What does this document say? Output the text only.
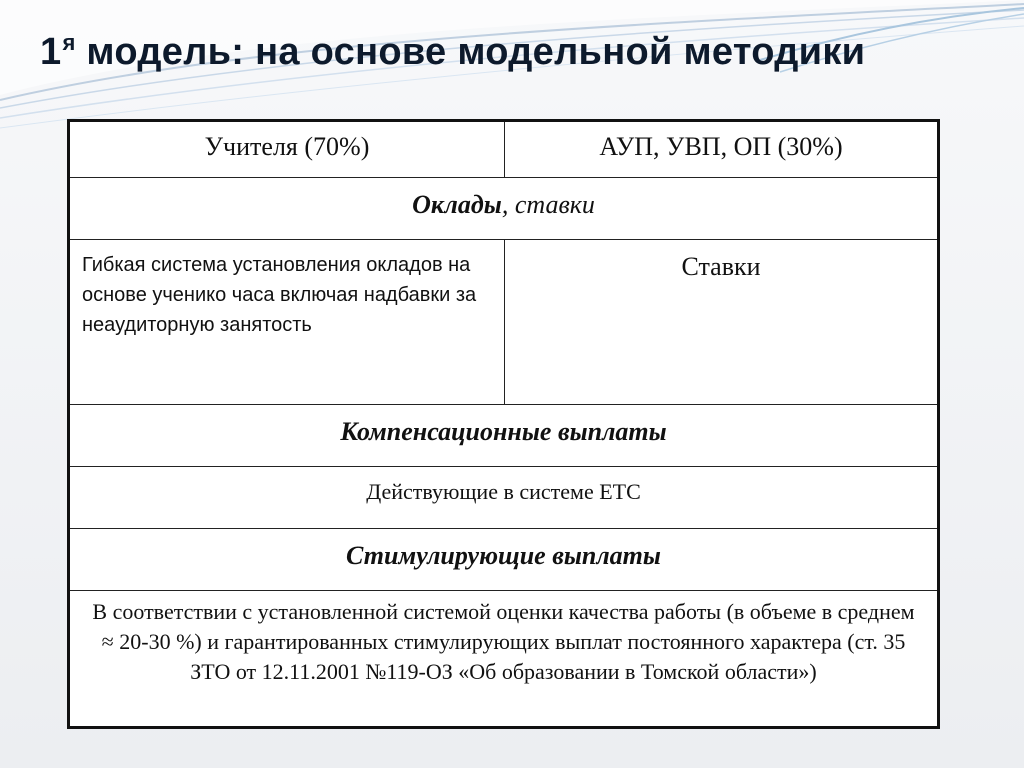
$1^я$ модель: на основе модельной методики
Учителя (70%)	АУП, УВП, ОП (30%)
Оклады, ставки	
Гибкая система установления окладов на основе ученико часа включая надбавки за неаудиторную занятость	Ставки
Компенсационные выплаты	
Действующие в системе ЕТС	
Стимулирующие выплаты	
В соответствии с установленной системой оценки качества работы (в объеме в среднем ≈ 20-30 %) и гарантированных стимулирующих выплат постоянного характера (ст. 35 ЗТО от 12.11.2001 №119-ОЗ «Об образовании в Томской области»)	
